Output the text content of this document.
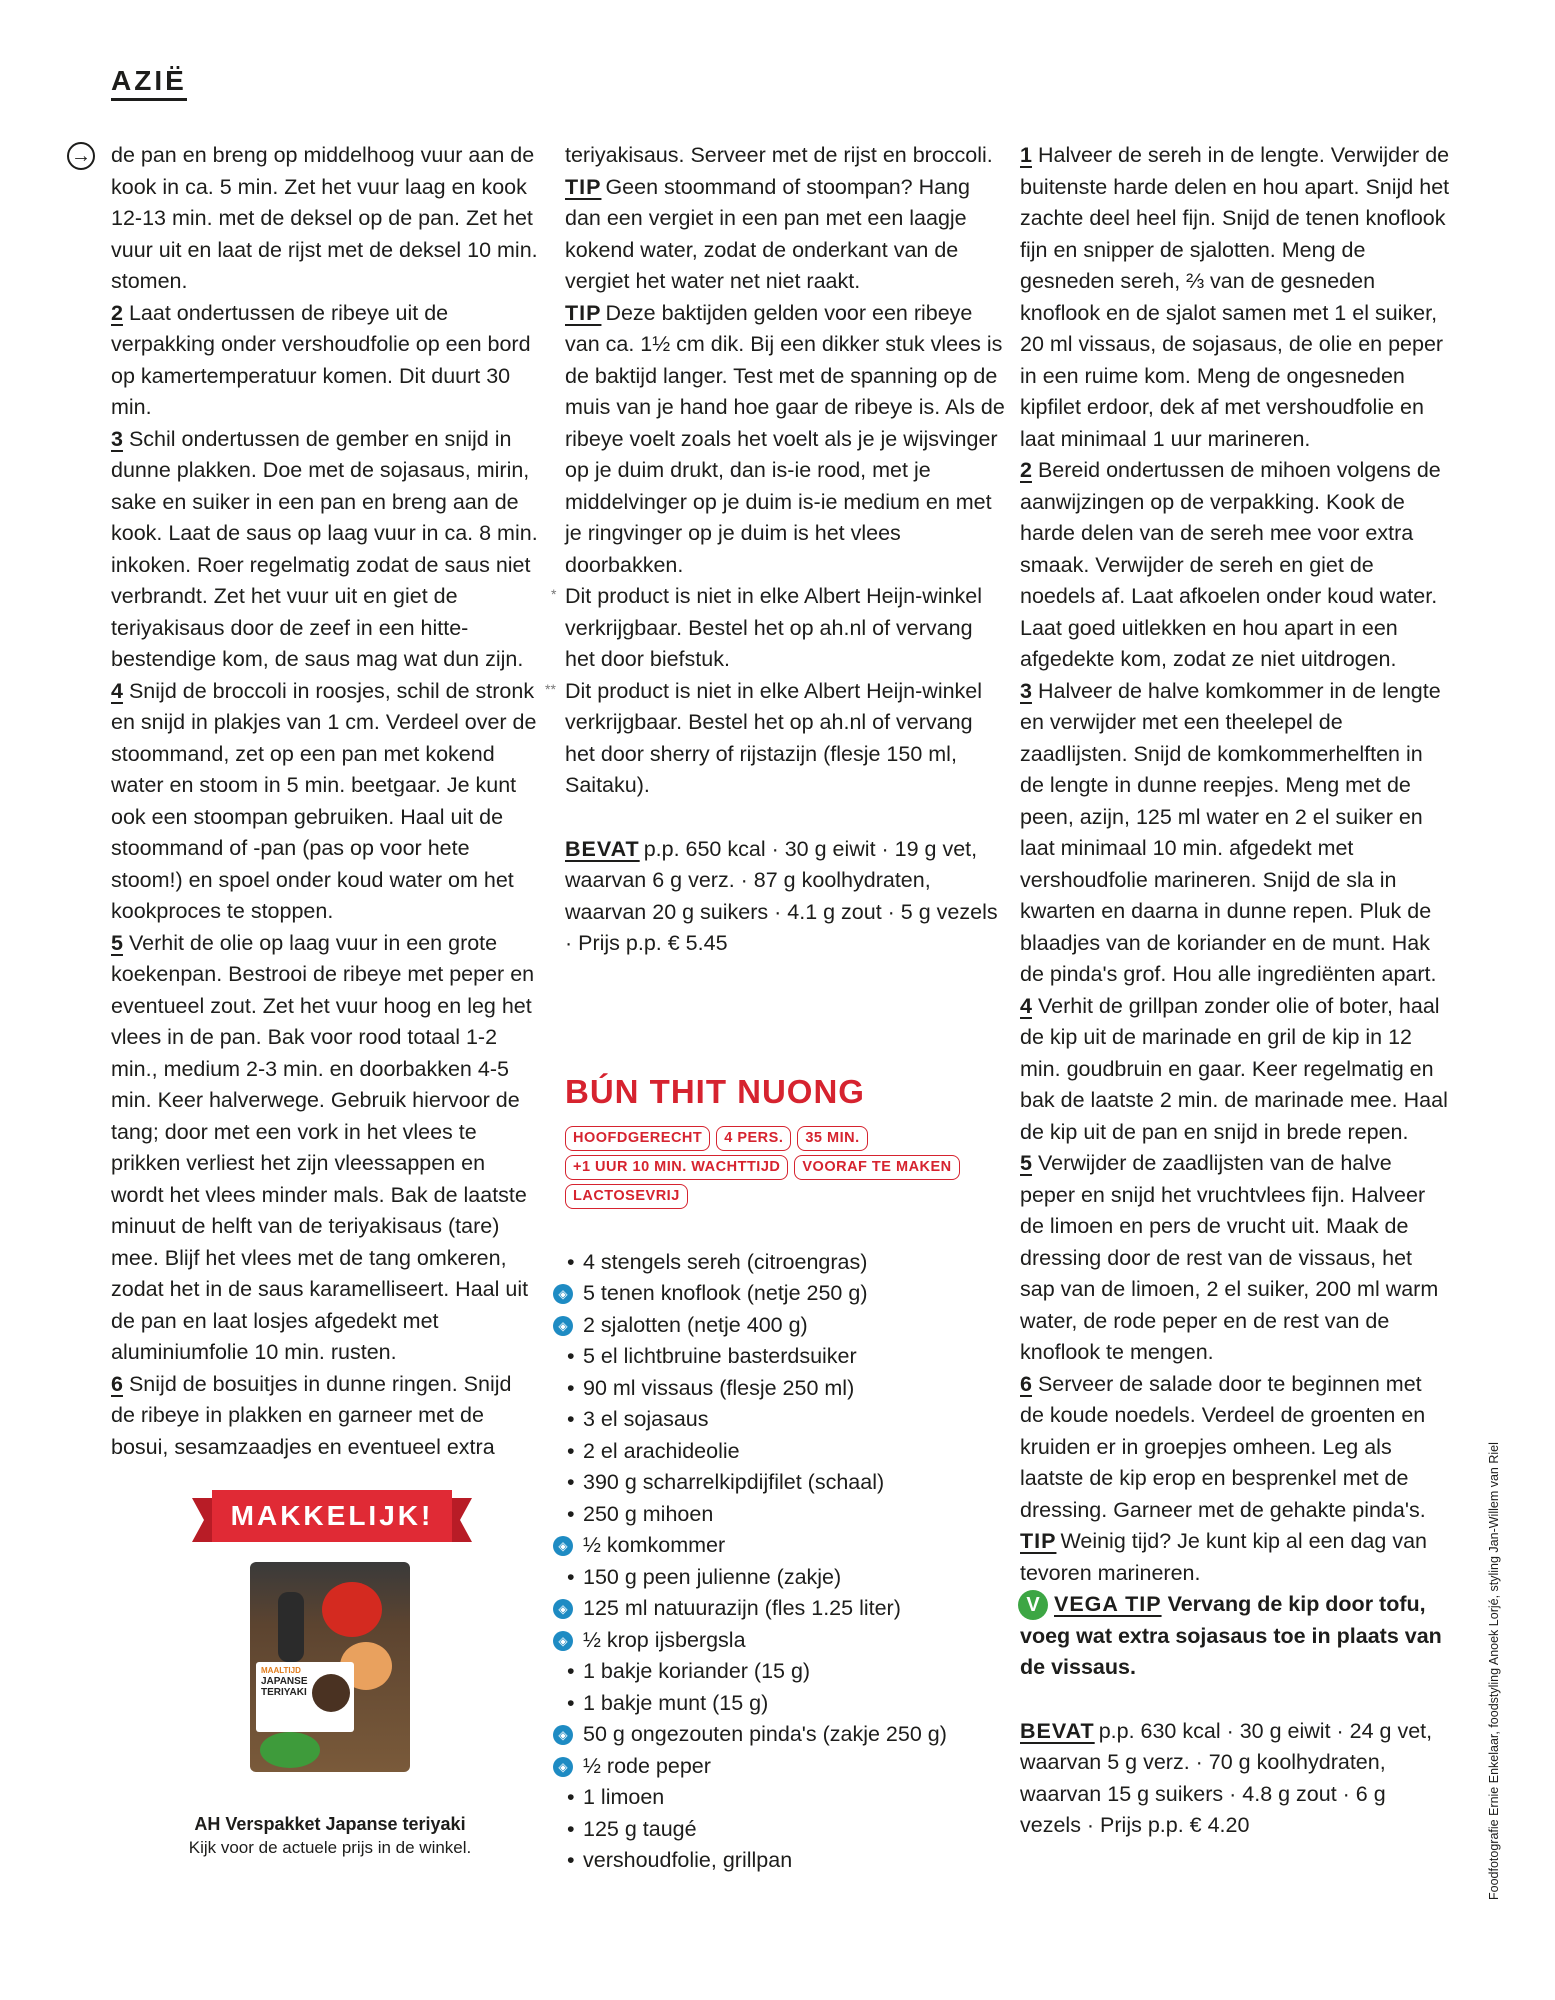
AZIË
→ de pan en breng op middelhoog vuur aan de kook in ca. 5 min. Zet het vuur laag en kook 12-13 min. met de deksel op de pan. Zet het vuur uit en laat de rijst met de deksel 10 min. stomen.

2 Laat ondertussen de ribeye uit de verpakking onder vershoudfolie op een bord op kamertemperatuur komen. Dit duurt 30 min.

3 Schil ondertussen de gember en snijd in dunne plakken. Doe met de sojasaus, mirin, sake en suiker in een pan en breng aan de kook. Laat de saus op laag vuur in ca. 8 min. inkoken. Roer regelmatig zodat de saus niet verbrandt. Zet het vuur uit en giet de teriyakisaus door de zeef in een hitte-bestendige kom, de saus mag wat dun zijn.

4 Snijd de broccoli in roosjes, schil de stronk en snijd in plakjes van 1 cm. Verdeel over de stoommand, zet op een pan met kokend water en stoom in 5 min. beetgaar. Je kunt ook een stoompan gebruiken. Haal uit de stoommand of -pan (pas op voor hete stoom!) en spoel onder koud water om het kookproces te stoppen.

5 Verhit de olie op laag vuur in een grote koekenpan. Bestrooi de ribeye met peper en eventueel zout. Zet het vuur hoog en leg het vlees in de pan. Bak voor rood totaal 1-2 min., medium 2-3 min. en doorbakken 4-5 min. Keer halverwege. Gebruik hiervoor de tang; door met een vork in het vlees te prikken verliest het zijn vleessappen en wordt het vlees minder mals. Bak de laatste minuut de helft van de teriyakisaus (tare) mee. Blijf het vlees met de tang omkeren, zodat het in de saus karamelliseert. Haal uit de pan en laat losjes afgedekt met aluminiumfolie 10 min. rusten.

6 Snijd de bosuitjes in dunne ringen. Snijd de ribeye in plakken en garneer met de bosui, sesamzaadjes en eventueel extra

MAKKELIJK!
MAALTIJD
JAPANSE TERIYAKI
AH Verspakket Japanse teriyaki
Kijk voor de actuele prijs in de winkel.

teriyakisaus. Serveer met de rijst en broccoli.

TIP Geen stoommand of stoompan? Hang dan een vergiet in een pan met een laagje kokend water, zodat de onderkant van de vergiet het water net niet raakt.

TIP Deze baktijden gelden voor een ribeye van ca. 1½ cm dik. Bij een dikker stuk vlees is de baktijd langer. Test met de spanning op de muis van je hand hoe gaar de ribeye is. Als de ribeye voelt zoals het voelt als je je wijsvinger op je duim drukt, dan is-ie rood, met je middelvinger op je duim is-ie medium en met je ringvinger op je duim is het vlees doorbakken.

* Dit product is niet in elke Albert Heijn-winkel verkrijgbaar. Bestel het op ah.nl of vervang het door biefstuk.

** Dit product is niet in elke Albert Heijn-winkel verkrijgbaar. Bestel het op ah.nl of vervang het door sherry of rijstazijn (flesje 150 ml, Saitaku).

BEVAT p.p. 650 kcal · 30 g eiwit · 19 g vet, waarvan 6 g verz. · 87 g koolhydraten, waarvan 20 g suikers · 4.1 g zout · 5 g vezels · Prijs p.p. € 5.45

BÚN THIT NUONG
HOOFDGERECHT	4 PERS.	35 MIN.
+1 UUR 10 MIN. WACHTTIJD	VOORAF TE MAKEN
LACTOSEVRIJ
• 4 stengels sereh (citroengras)
◈ 5 tenen knoflook (netje 250 g)
◈ 2 sjalotten (netje 400 g)
• 5 el lichtbruine basterdsuiker
• 90 ml vissaus (flesje 250 ml)
• 3 el sojasaus
• 2 el arachideolie
• 390 g scharrelkipdijfilet (schaal)
• 250 g mihoen
◈ ½ komkommer
• 150 g peen julienne (zakje)
◈ 125 ml natuurazijn (fles 1.25 liter)
◈ ½ krop ijsbergsla
• 1 bakje koriander (15 g)
• 1 bakje munt (15 g)
◈ 50 g ongezouten pinda's (zakje 250 g)
◈ ½ rode peper
• 1 limoen
• 125 g taugé
• vershoudfolie, grillpan

1 Halveer de sereh in de lengte. Verwijder de buitenste harde delen en hou apart. Snijd het zachte deel heel fijn. Snijd de tenen knoflook fijn en snipper de sjalotten. Meng de gesneden sereh, ⅔ van de gesneden knoflook en de sjalot samen met 1 el suiker, 20 ml vissaus, de sojasaus, de olie en peper in een ruime kom. Meng de ongesneden kipfilet erdoor, dek af met vershoudfolie en laat minimaal 1 uur marineren.

2 Bereid ondertussen de mihoen volgens de aanwijzingen op de verpakking. Kook de harde delen van de sereh mee voor extra smaak. Verwijder de sereh en giet de noedels af. Laat afkoelen onder koud water. Laat goed uitlekken en hou apart in een afgedekte kom, zodat ze niet uitdrogen.

3 Halveer de halve komkommer in de lengte en verwijder met een theelepel de zaadlijsten. Snijd de komkommerhelften in de lengte in dunne reepjes. Meng met de peen, azijn, 125 ml water en 2 el suiker en laat minimaal 10 min. afgedekt met vershoudfolie marineren. Snijd de sla in kwarten en daarna in dunne repen. Pluk de blaadjes van de koriander en de munt. Hak de pinda's grof. Hou alle ingrediënten apart.

4 Verhit de grillpan zonder olie of boter, haal de kip uit de marinade en gril de kip in 12 min. goudbruin en gaar. Keer regelmatig en bak de laatste 2 min. de marinade mee. Haal de kip uit de pan en snijd in brede repen.

5 Verwijder de zaadlijsten van de halve peper en snijd het vruchtvlees fijn. Halveer de limoen en pers de vrucht uit. Maak de dressing door de rest van de vissaus, het sap van de limoen, 2 el suiker, 200 ml warm water, de rode peper en de rest van de knoflook te mengen.

6 Serveer de salade door te beginnen met de koude noedels. Verdeel de groenten en kruiden er in groepjes omheen. Leg als laatste de kip erop en besprenkel met de dressing. Garneer met de gehakte pinda's.

TIP Weinig tijd? Je kunt kip al een dag van tevoren marineren.

V VEGA TIP Vervang de kip door tofu, voeg wat extra sojasaus toe in plaats van de vissaus.

BEVAT p.p. 630 kcal · 30 g eiwit · 24 g vet, waarvan 5 g verz. · 70 g koolhydraten, waarvan 15 g suikers · 4.8 g zout · 6 g vezels · Prijs p.p. € 4.20	Foodfotografie Ernie Enkelaar, foodstyling Anoek Lorjé, styling Jan-Willem van Riel
